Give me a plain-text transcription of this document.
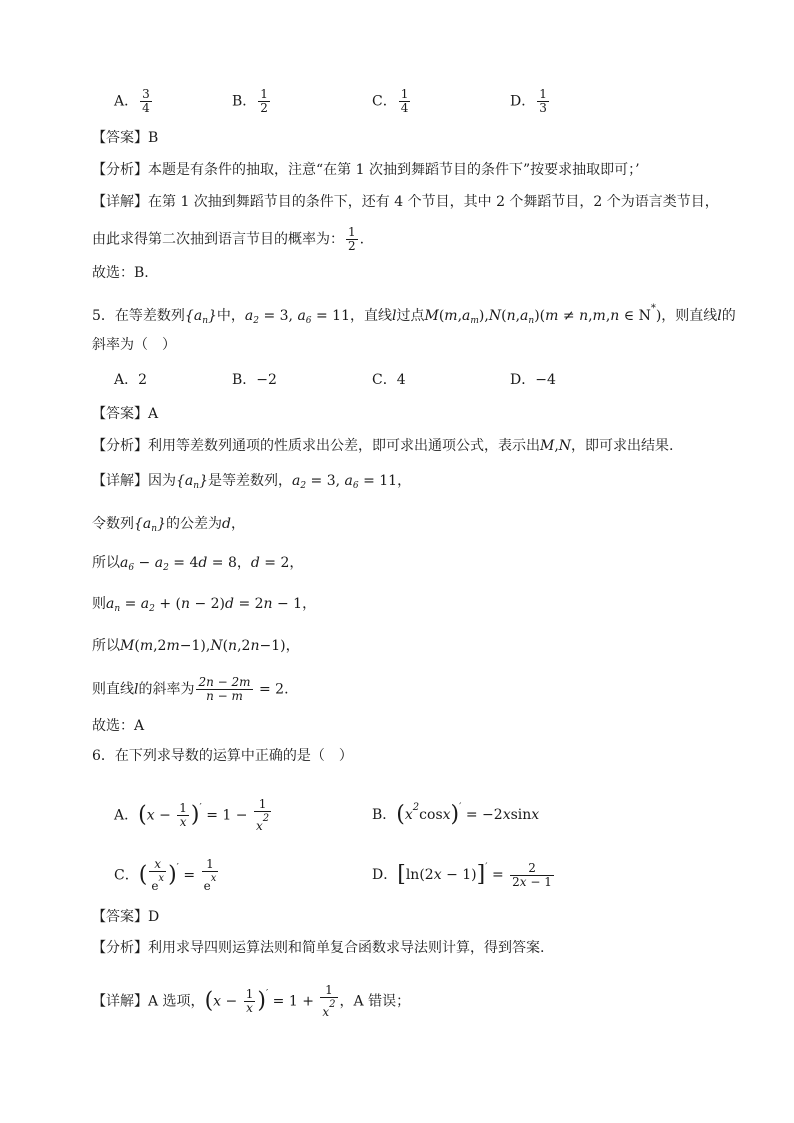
A． $\frac{3}{4}$	B． $\frac{1}{2}$	C． $\frac{1}{4}$	D． $\frac{1}{3}$
【答案】B
【分析】本题是有条件的抽取，注意“在第 1 次抽到舞蹈节目的条件下”按要求抽取即可；’
【详解】在第 1 次抽到舞蹈节目的条件下，还有 4 个节目，其中 2 个舞蹈节目，2 个为语言类节目，
由此求得第二次抽到语言节目的概率为： $\frac{1}{2}$ .
故选：B.
5．在等差数列$\{a_n\}$中，$a_2 = 3$, $a_6 = 11$，直线l过点$M(m,a_m),N(n,a_n)(m \ne n,m,n$ ∈ N*)，则直线l的
斜率为（　）
A．2	B．−2	C．4	D．−4
【答案】A
【分析】利用等差数列通项的性质求出公差，即可求出通项公式，表示出M,N，即可求出结果.
【详解】因为$\{a_n\}$是等差数列，$a_2 = 3$, $a_6 = 11$，
令数列$\{a_n\}$的公差为d，
所以$a_6 - a_2 = 4d = 8$，d = 2，
则$a_n = a_2 + (n - 2)d = 2n - 1$，
所以M(m,2m−1),N(n,2n−1)，
则直线l的斜率为 $\frac{2n - 2m}{n - m} = 2$.
故选：A
6．在下列求导数的运算中正确的是（　）
A．$(x - \frac{1}{x} )' = 1 - \frac{1}{x^2}$	B．$(x^2\cos x)' = -2xsinx$
C．( $\frac{x}{e^x} )' = \frac{1}{e^x}$	D．$[\ln(2x - 1)]' = \frac{2}{2x - 1}$
【答案】D
【分析】利用求导四则运算法则和简单复合函数求导法则计算，得到答案.
【详解】A 选项，$(x - \frac{1}{x} )' = 1 + \frac{1}{x^2}$ ，A 错误；
